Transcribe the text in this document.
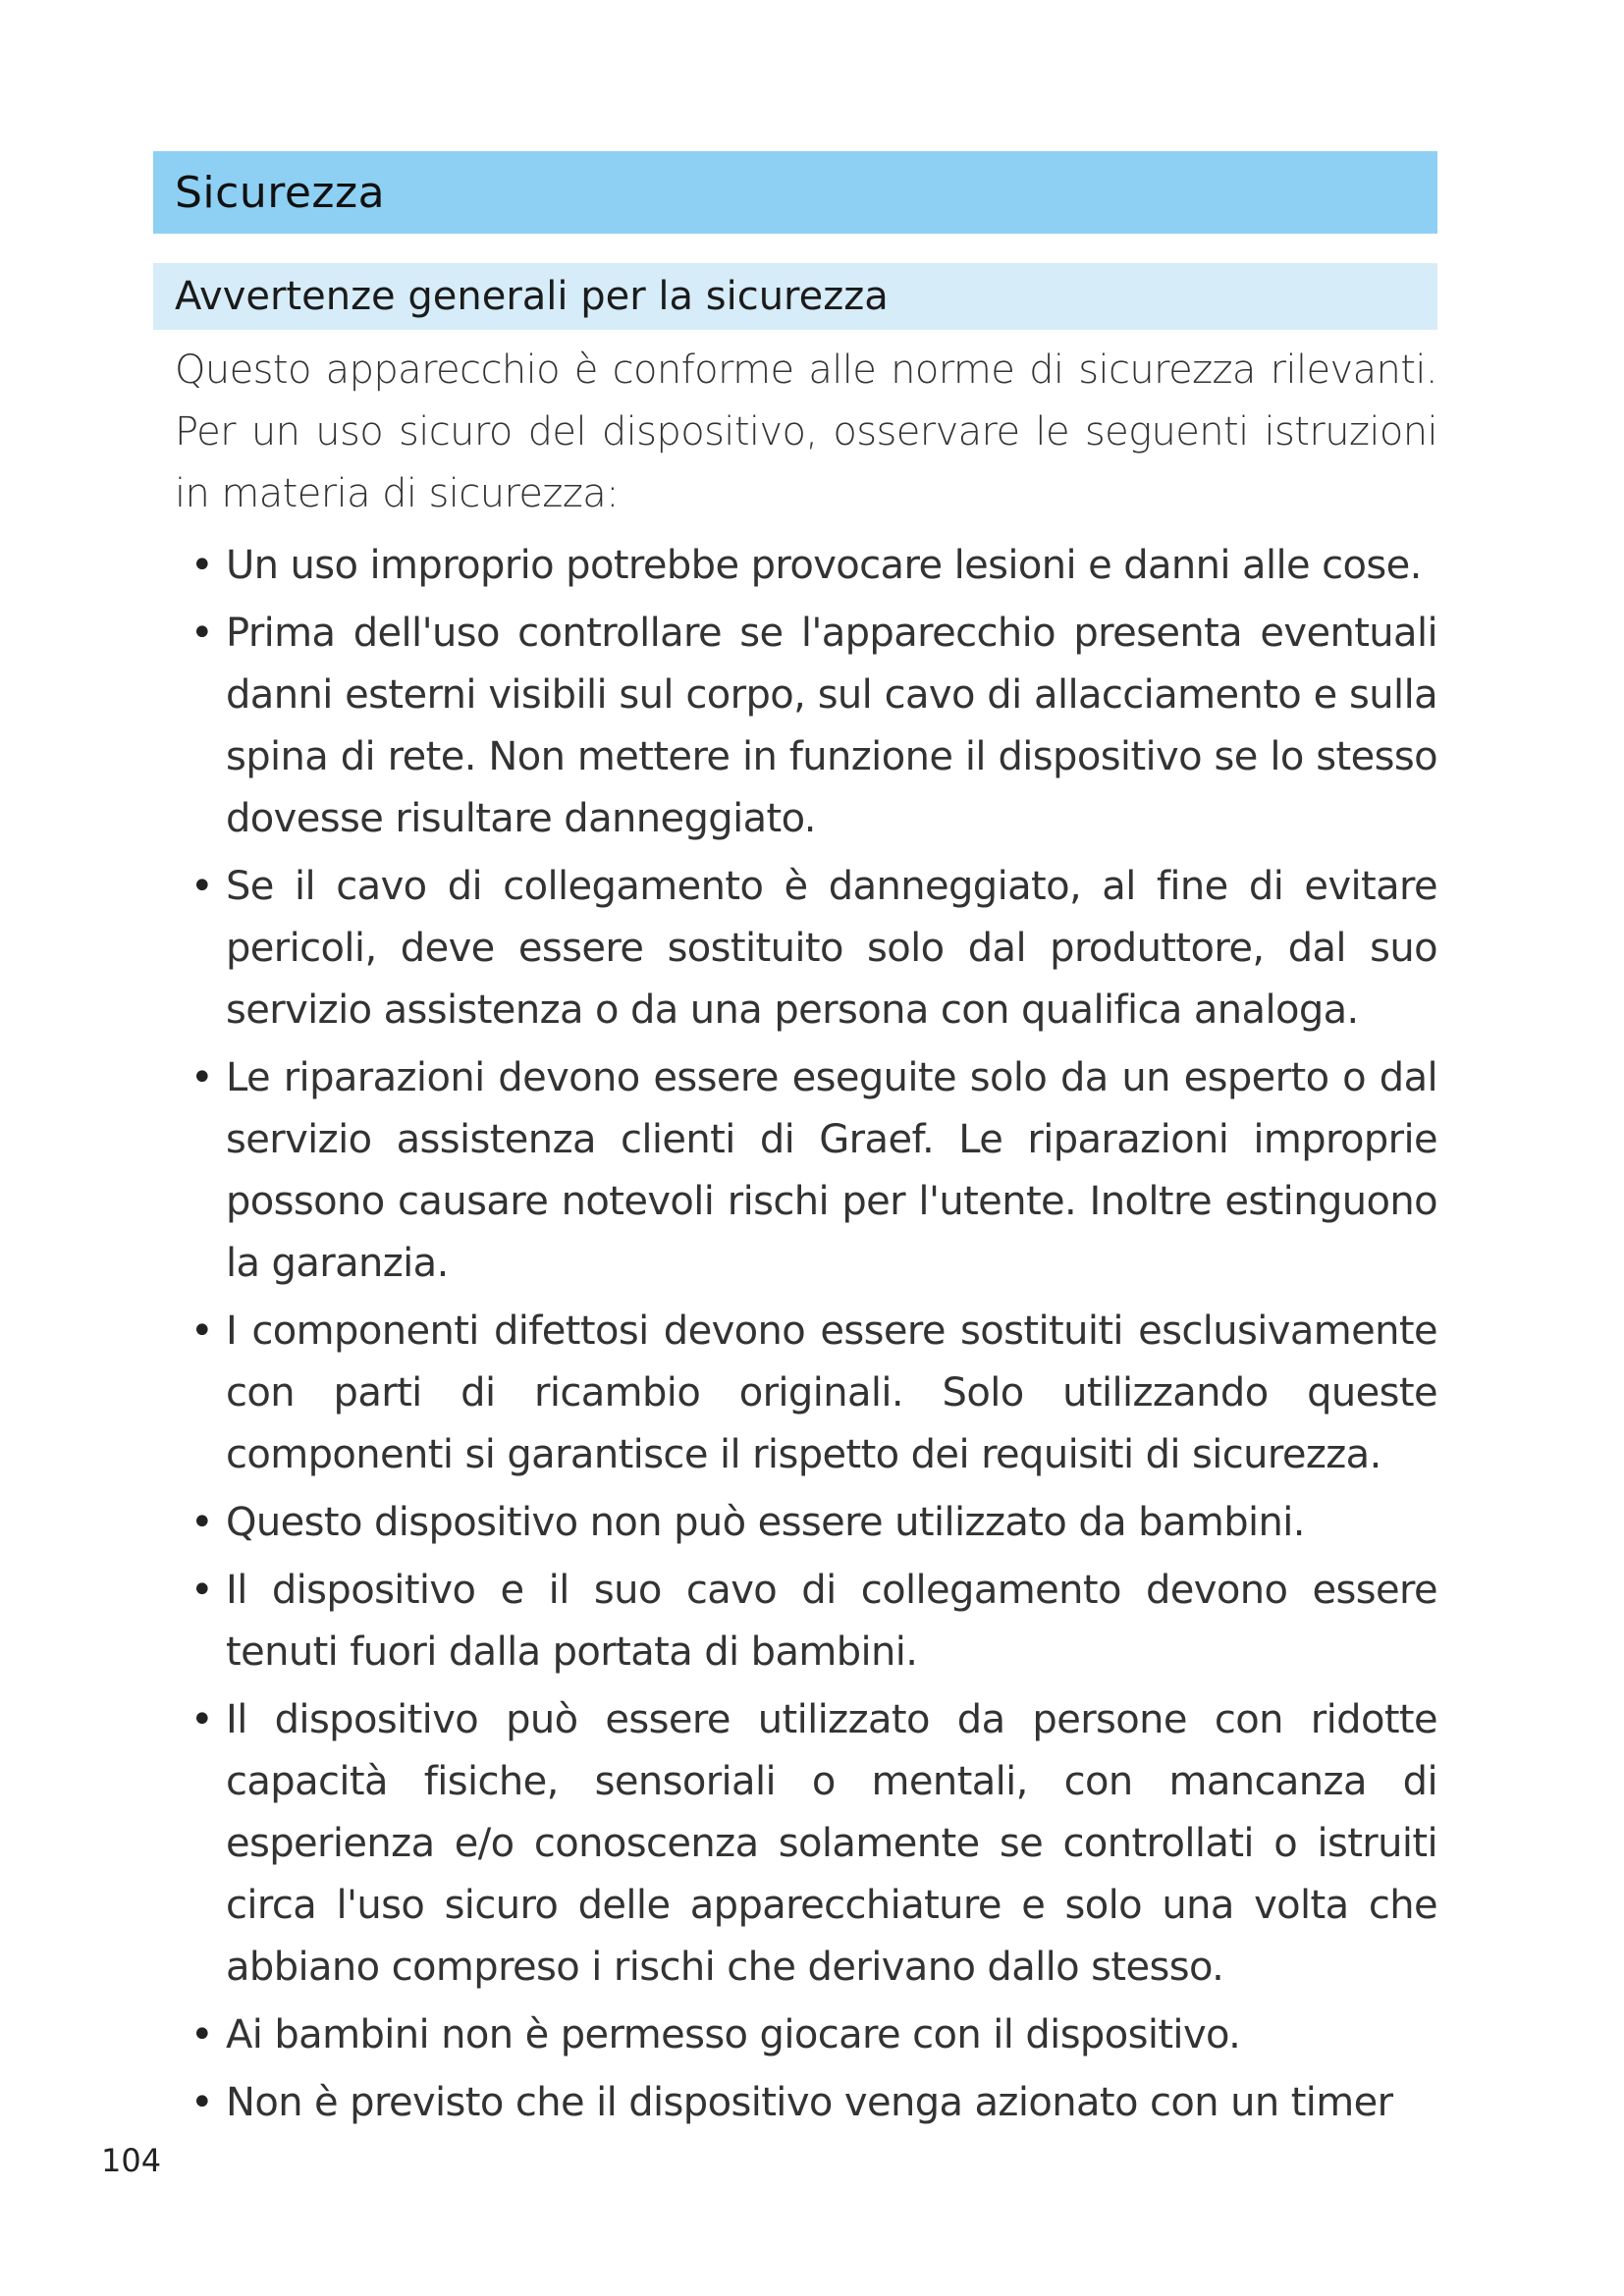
Sicurezza
Avvertenze generali per la sicurezza

Questo apparecchio è conforme alle norme di sicurezza rilevanti. Per un uso sicuro del dispositivo, osservare le seguenti istruzioni in materia di sicurezza:

• Un uso improprio potrebbe provocare lesioni e danni alle cose.
• Prima dell'uso controllare se l'apparecchio presenta eventuali danni esterni visibili sul corpo, sul cavo di allacciamento e sulla spina di rete. Non mettere in funzione il dispositivo se lo stesso dovesse risultare danneggiato.
• Se il cavo di collegamento è danneggiato, al fine di evitare pericoli, deve essere sostituito solo dal produttore, dal suo servizio assistenza o da una persona con qualifica analoga.
• Le riparazioni devono essere eseguite solo da un esperto o dal servizio assistenza clienti di Graef. Le riparazioni improprie possono causare notevoli rischi per l'utente. Inoltre estinguono la garanzia.
• I componenti difettosi devono essere sostituiti esclusivamente con parti di ricambio originali. Solo utilizzando queste componenti si garantisce il rispetto dei requisiti di sicurezza.
• Questo dispositivo non può essere utilizzato da bambini.
• Il dispositivo e il suo cavo di collegamento devono essere tenuti fuori dalla portata di bambini.
• Il dispositivo può essere utilizzato da persone con ridotte capacità fisiche, sensoriali o mentali, con mancanza di esperienza e/o conoscenza solamente se controllati o istruiti circa l'uso sicuro delle apparecchiature e solo una volta che abbiano compreso i rischi che derivano dallo stesso.
• Ai bambini non è permesso giocare con il dispositivo.
• Non è previsto che il dispositivo venga azionato con un timer
104
